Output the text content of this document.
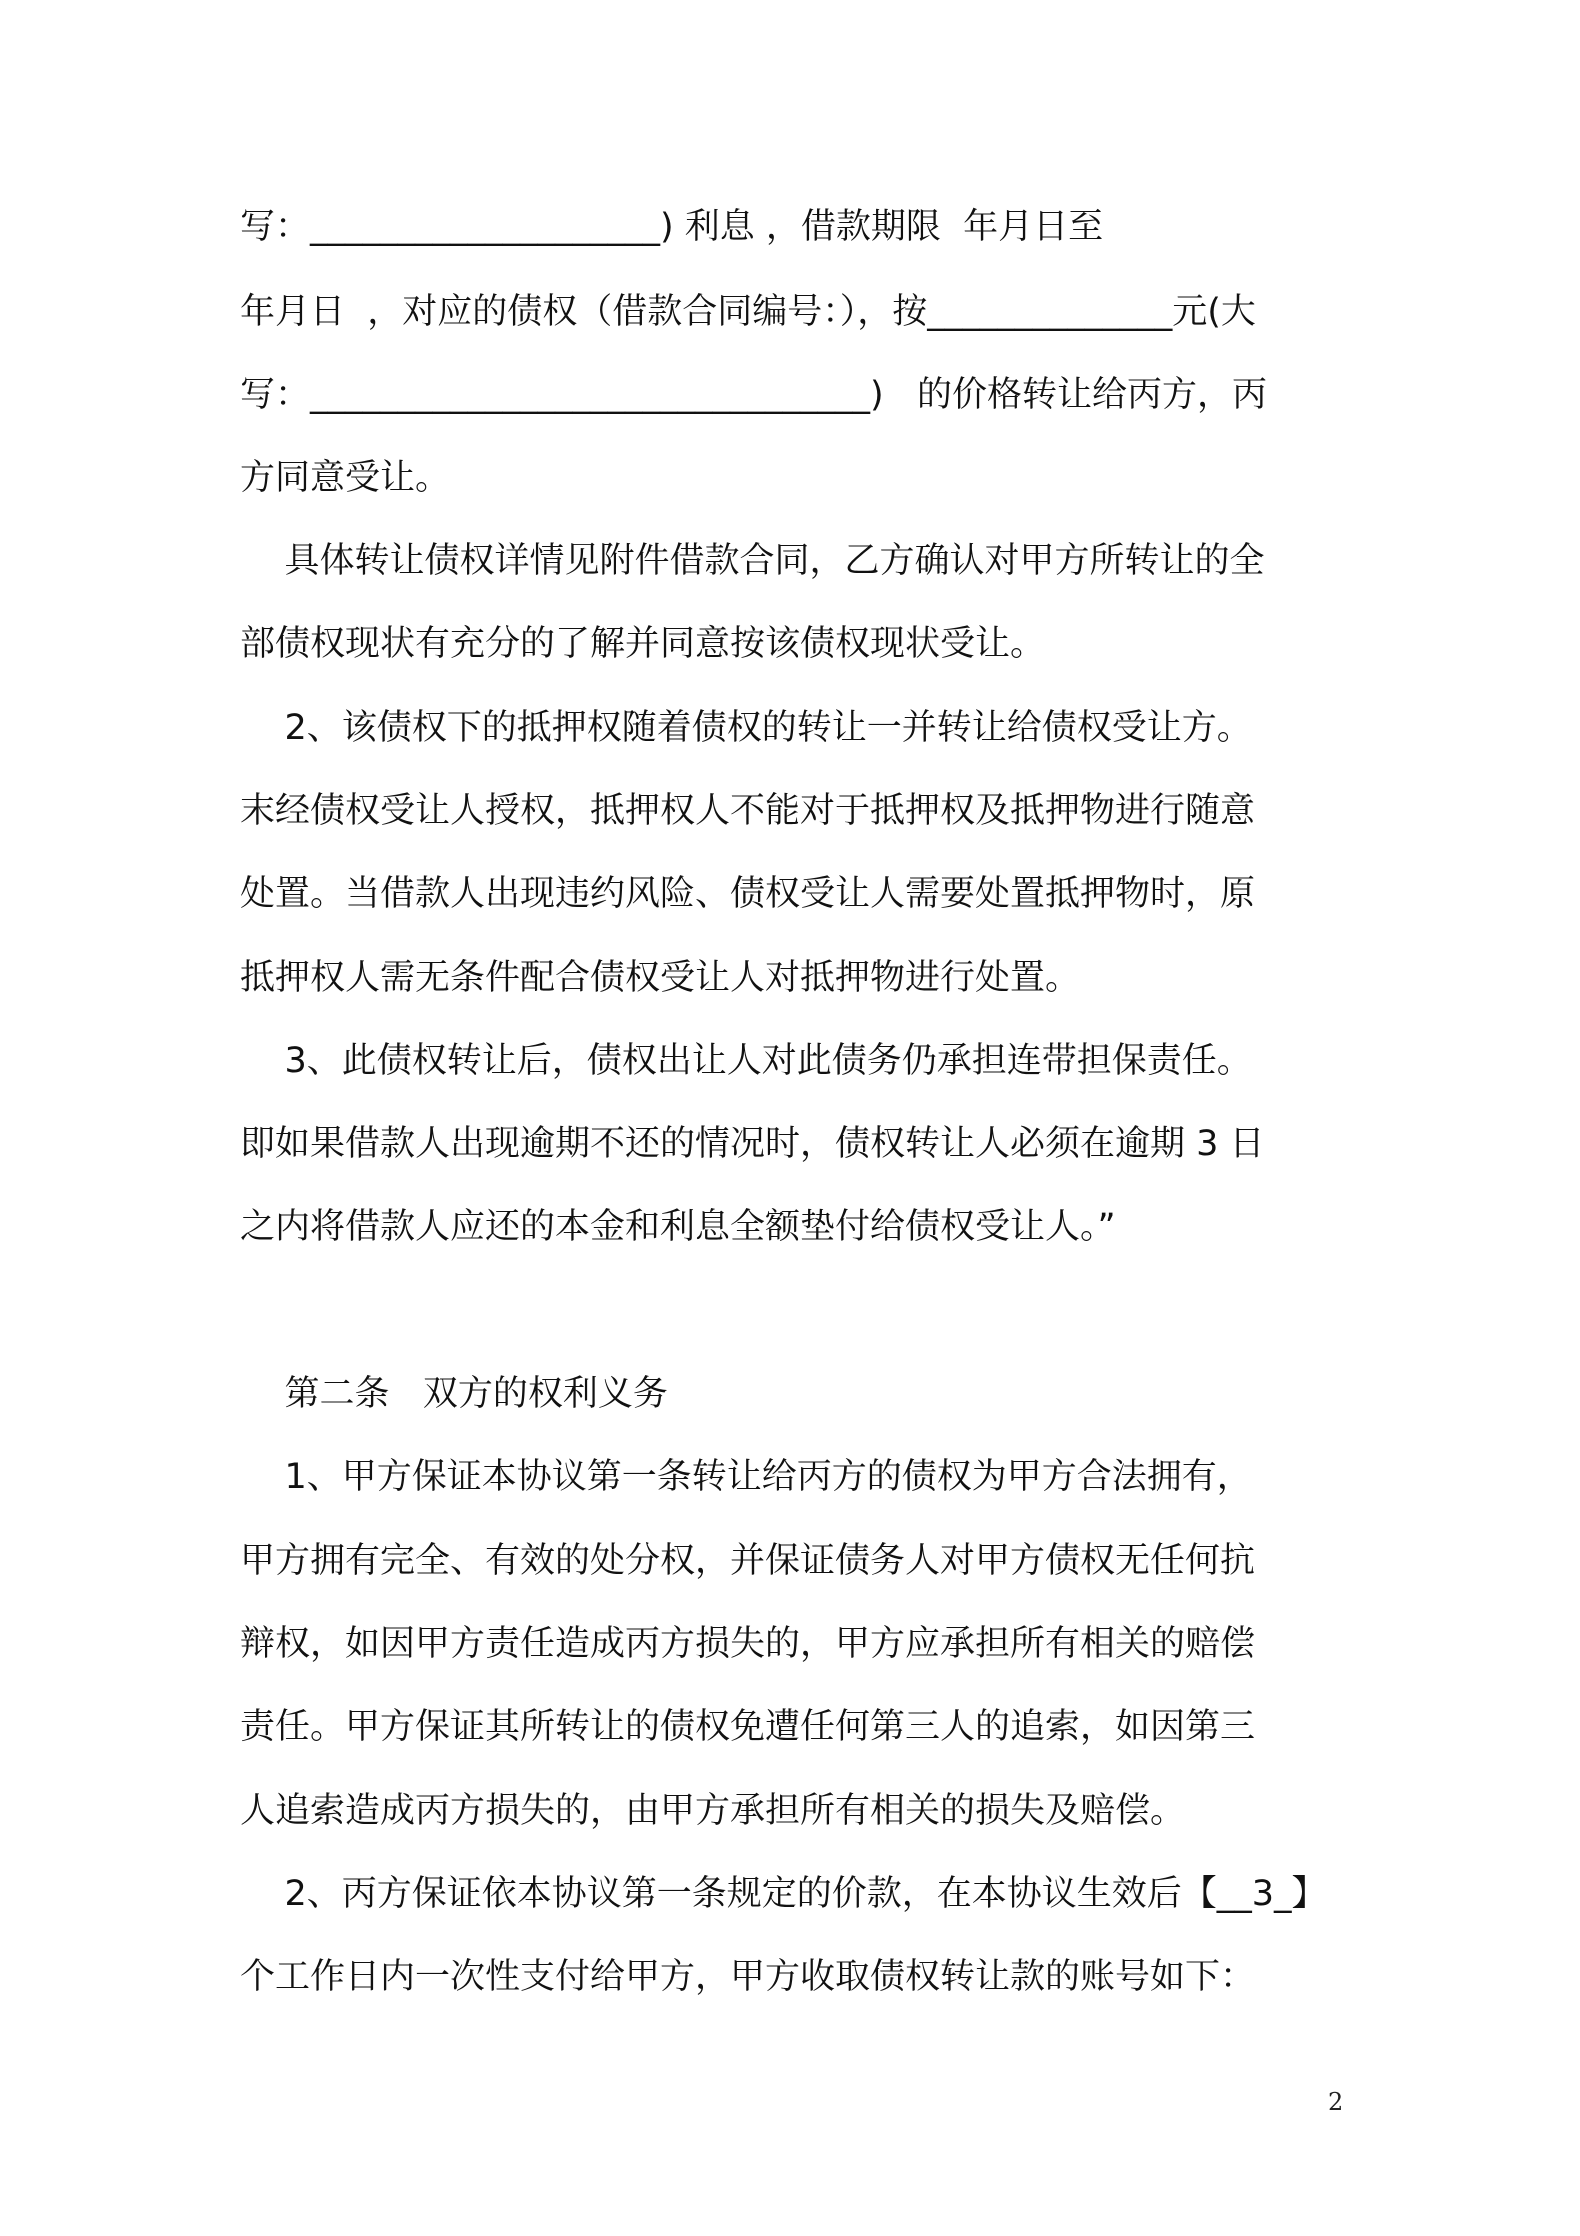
写：____________________) 利息 ，借款期限  年月日至
年月日  ，对应的债权（借款合同编号：），按______________元(大
写：________________________________)   的价格转让给丙方，丙
方同意受让。
具体转让债权详情见附件借款合同，乙方确认对甲方所转让的全
部债权现状有充分的了解并同意按该债权现状受让。
2、该债权下的抵押权随着债权的转让一并转让给债权受让方。
末经债权受让人授权，抵押权人不能对于抵押权及抵押物进行随意
处置。当借款人出现违约风险、债权受让人需要处置抵押物时，原
抵押权人需无条件配合债权受让人对抵押物进行处置。
3、此债权转让后，债权出让人对此债务仍承担连带担保责任。
即如果借款人出现逾期不还的情况时，债权转让人必须在逾期 3 日
之内将借款人应还的本金和利息全额垫付给债权受让人。”
第二条   双方的权利义务
1、甲方保证本协议第一条转让给丙方的债权为甲方合法拥有，
甲方拥有完全、有效的处分权，并保证债务人对甲方债权无任何抗
辩权，如因甲方责任造成丙方损失的，甲方应承担所有相关的赔偿
责任。甲方保证其所转让的债权免遭任何第三人的追索，如因第三
人追索造成丙方损失的，由甲方承担所有相关的损失及赔偿。
2、丙方保证依本协议第一条规定的价款，在本协议生效后【__3_】
个工作日内一次性支付给甲方，甲方收取债权转让款的账号如下：
2
